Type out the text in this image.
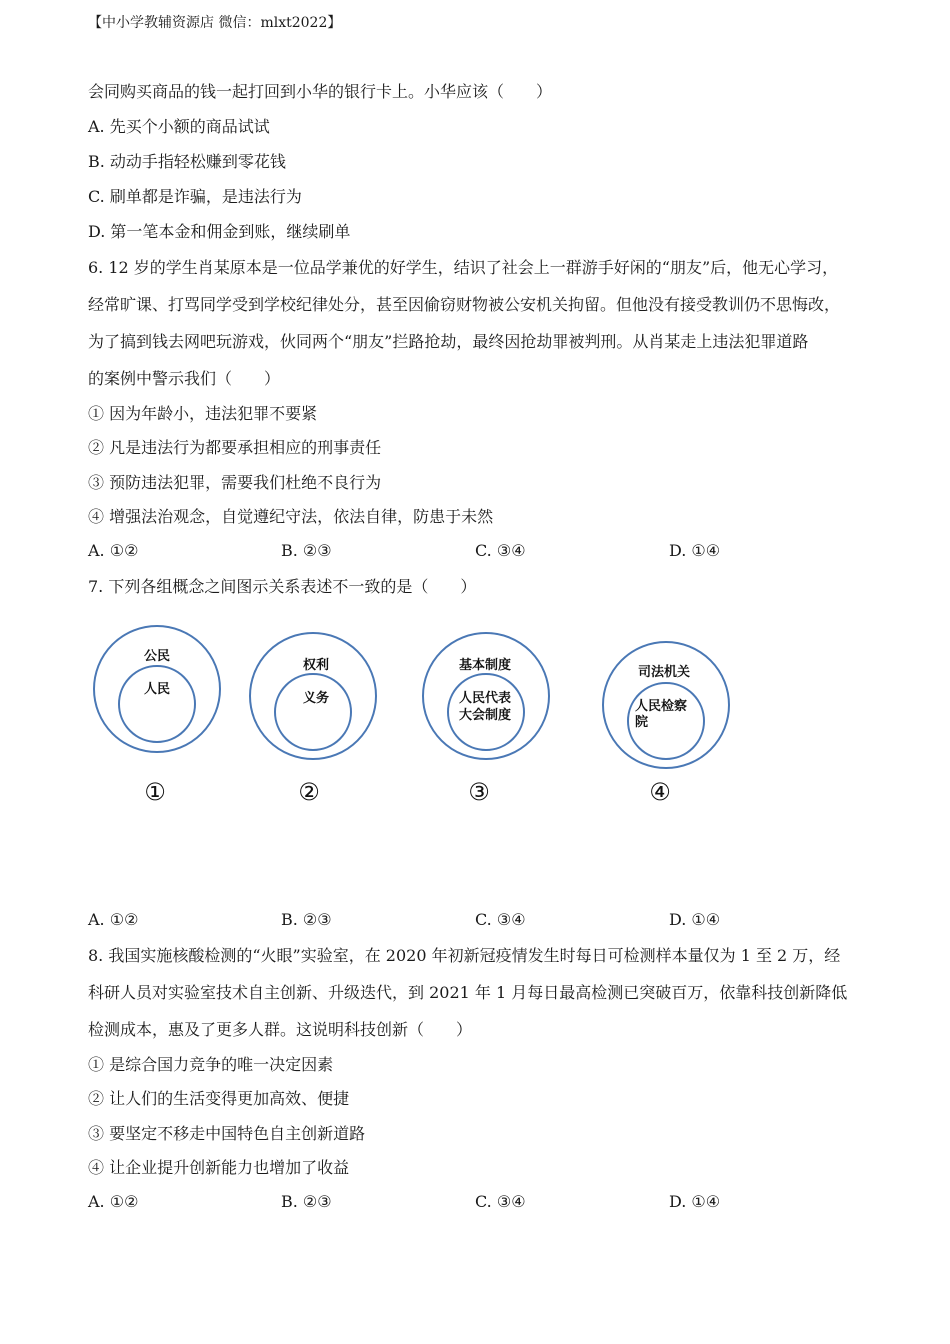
【中小学教辅资源店 微信：mlxt2022】
会同购买商品的钱一起打回到小华的银行卡上。小华应该（　　）
A. 先买个小额的商品试试
B. 动动手指轻松赚到零花钱
C. 刷单都是诈骗，是违法行为
D. 第一笔本金和佣金到账，继续刷单
6. 12 岁的学生肖某原本是一位品学兼优的好学生，结识了社会上一群游手好闲的“朋友”后，他无心学习，
经常旷课、打骂同学受到学校纪律处分，甚至因偷窃财物被公安机关拘留。但他没有接受教训仍不思悔改，
为了搞到钱去网吧玩游戏，伙同两个“朋友”拦路抢劫，最终因抢劫罪被判刑。从肖某走上违法犯罪道路
的案例中警示我们（　　）
① 因为年龄小，违法犯罪不要紧
② 凡是违法行为都要承担相应的刑事责任
③ 预防违法犯罪，需要我们杜绝不良行为
④ 增强法治观念，自觉遵纪守法，依法自律，防患于未然
A. ①②	B. ②③	C. ③④	D. ①④
7. 下列各组概念之间图示关系表述不一致的是（　　）
公民
人民
权利
义务
基本制度
人民代表
大会制度
司法机关
人民检察
院
①	②	③	④
A. ①②	B. ②③	C. ③④	D. ①④
8. 我国实施核酸检测的“火眼”实验室，在 2020 年初新冠疫情发生时每日可检测样本量仅为 1 至 2 万，经
科研人员对实验室技术自主创新、升级迭代，到 2021 年 1 月每日最高检测已突破百万，依靠科技创新降低
检测成本，惠及了更多人群。这说明科技创新（　　）
① 是综合国力竞争的唯一决定因素
② 让人们的生活变得更加高效、便捷
③ 要坚定不移走中国特色自主创新道路
④ 让企业提升创新能力也增加了收益
A. ①②	B. ②③	C. ③④	D. ①④
